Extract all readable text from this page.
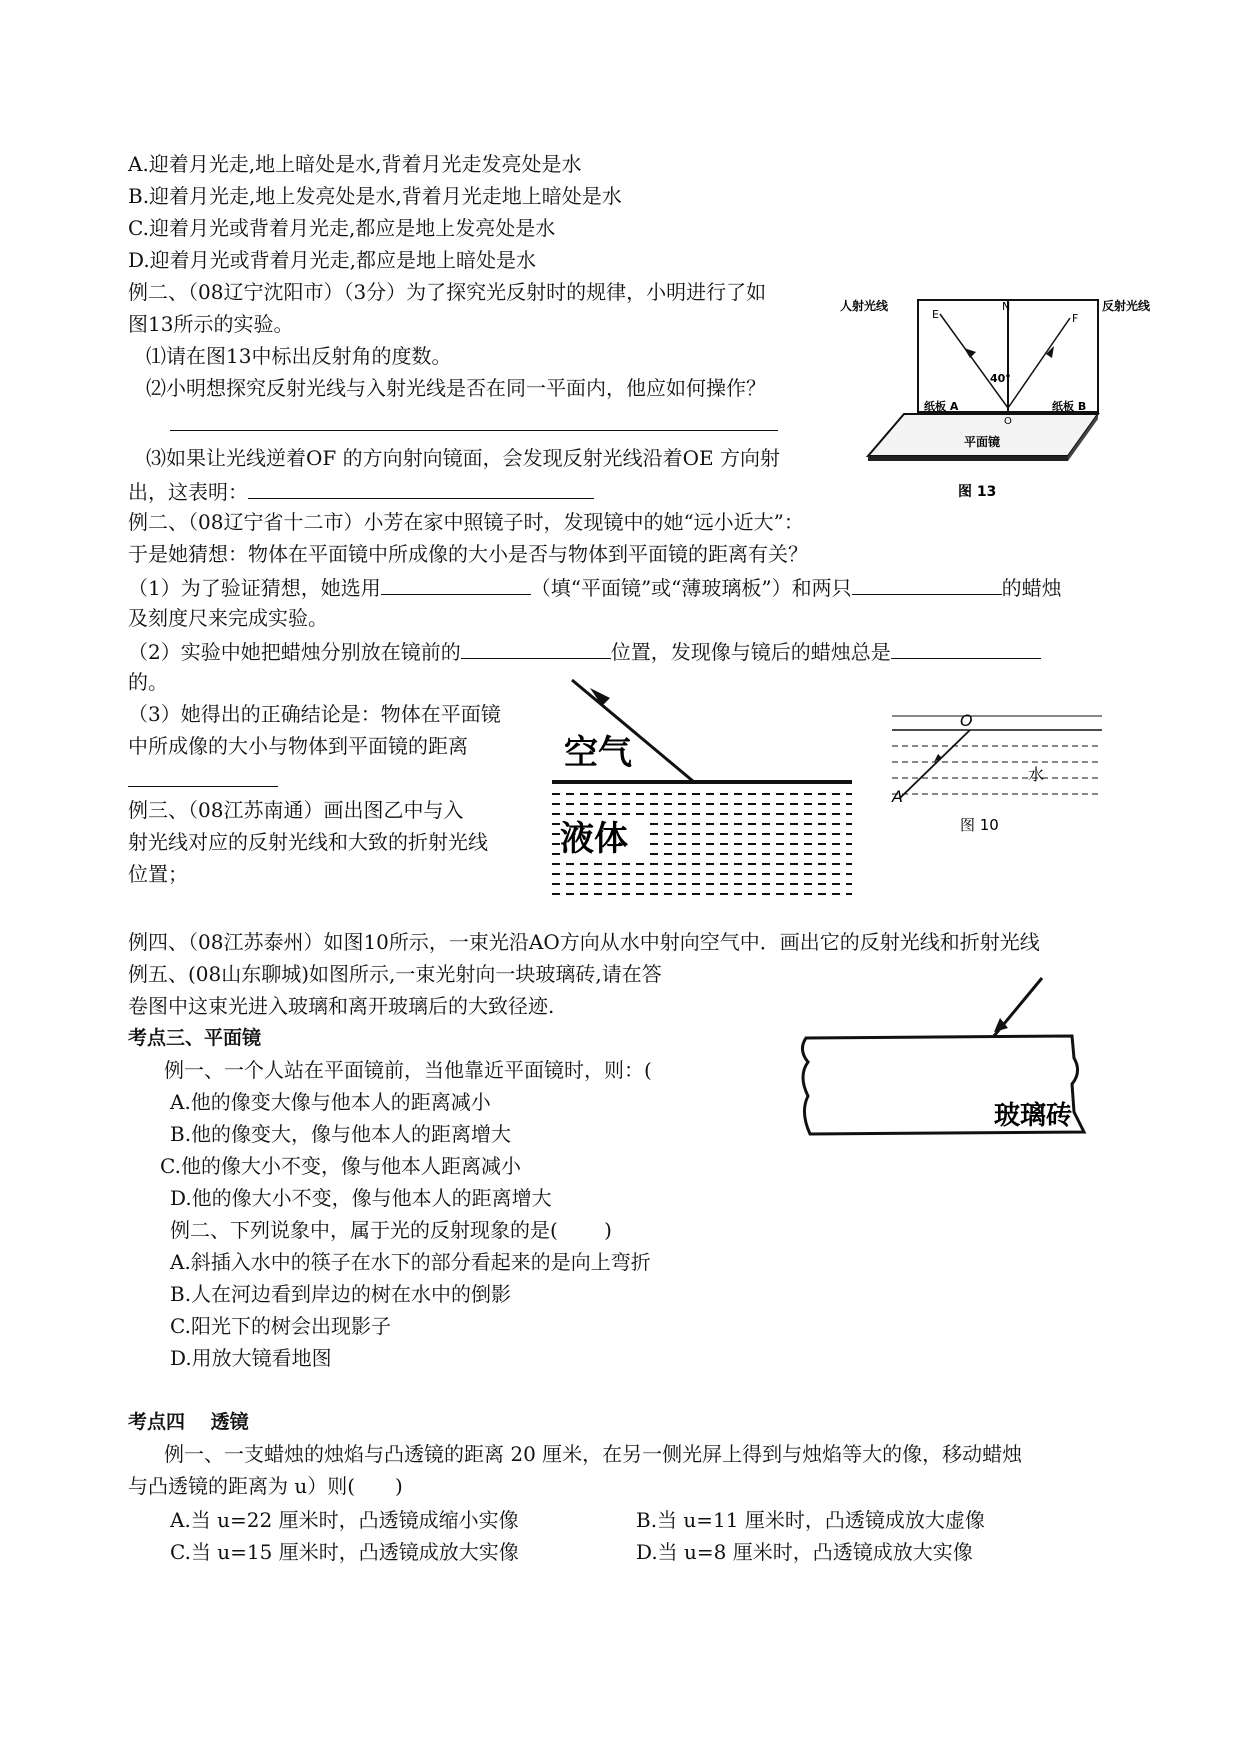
A.迎着月光走,地上暗处是水,背着月光走发亮处是水
B.迎着月光走,地上发亮处是水,背着月光走地上暗处是水
C.迎着月光或背着月光走,都应是地上发亮处是水
D.迎着月光或背着月光走,都应是地上暗处是水
例二、（08辽宁沈阳市）（3分）为了探究光反射时的规律，小明进行了如
图13所示的实验。
⑴请在图13中标出反射角的度数。
⑵小明想探究反射光线与入射光线是否在同一平面内，他应如何操作？
⑶如果让光线逆着OF 的方向射向镜面，会发现反射光线沿着OE 方向射
出，这表明：
人射光线	反射光线
E
N
F
40°
纸板 A	纸板 B
O
平面镜
图 13
例二、（08辽宁省十二市）小芳在家中照镜子时，发现镜中的她“远小近大”：
于是她猜想：物体在平面镜中所成像的大小是否与物体到平面镜的距离有关？
（1）为了验证猜想，她选用	（填“平面镜”或“薄玻璃板”）和两只	的蜡烛
及刻度尺来完成实验。
（2）实验中她把蜡烛分别放在镜前的	位置，发现像与镜后的蜡烛总是
的。
（3）她得出的正确结论是：物体在平面镜
中所成像的大小与物体到平面镜的距离
例三、（08江苏南通）画出图乙中与入
射光线对应的反射光线和大致的折射光线
位置；
空气
液体
O
A
水
图 10
例四、（08江苏泰州）如图10所示，一束光沿AO方向从水中射向空气中．画出它的反射光线和折射光线
例五、(08山东聊城)如图所示,一束光射向一块玻璃砖,请在答
卷图中这束光进入玻璃和离开玻璃后的大致径迹.
玻璃砖
考点三、平面镜
例一、一个人站在平面镜前，当他靠近平面镜时，则：(
A.他的像变大像与他本人的距离减小
B.他的像变大，像与他本人的距离增大
C.他的像大小不变，像与他本人距离减小
D.他的像大小不变，像与他本人的距离增大
例二、下列说象中，属于光的反射现象的是(　　 )
A.斜插入水中的筷子在水下的部分看起来的是向上弯折
B.人在河边看到岸边的树在水中的倒影
C.阳光下的树会出现影子
D.用放大镜看地图
考点四　 透镜
例一、一支蜡烛的烛焰与凸透镜的距离 20 厘米，在另一侧光屏上得到与烛焰等大的像，移动蜡烛
与凸透镜的距离为 u）则(　　)
A.当 u=22 厘米时，凸透镜成缩小实像	B.当 u=11 厘米时，凸透镜成放大虚像
C.当 u=15 厘米时，凸透镜成放大实像	D.当 u=8 厘米时，凸透镜成放大实像
